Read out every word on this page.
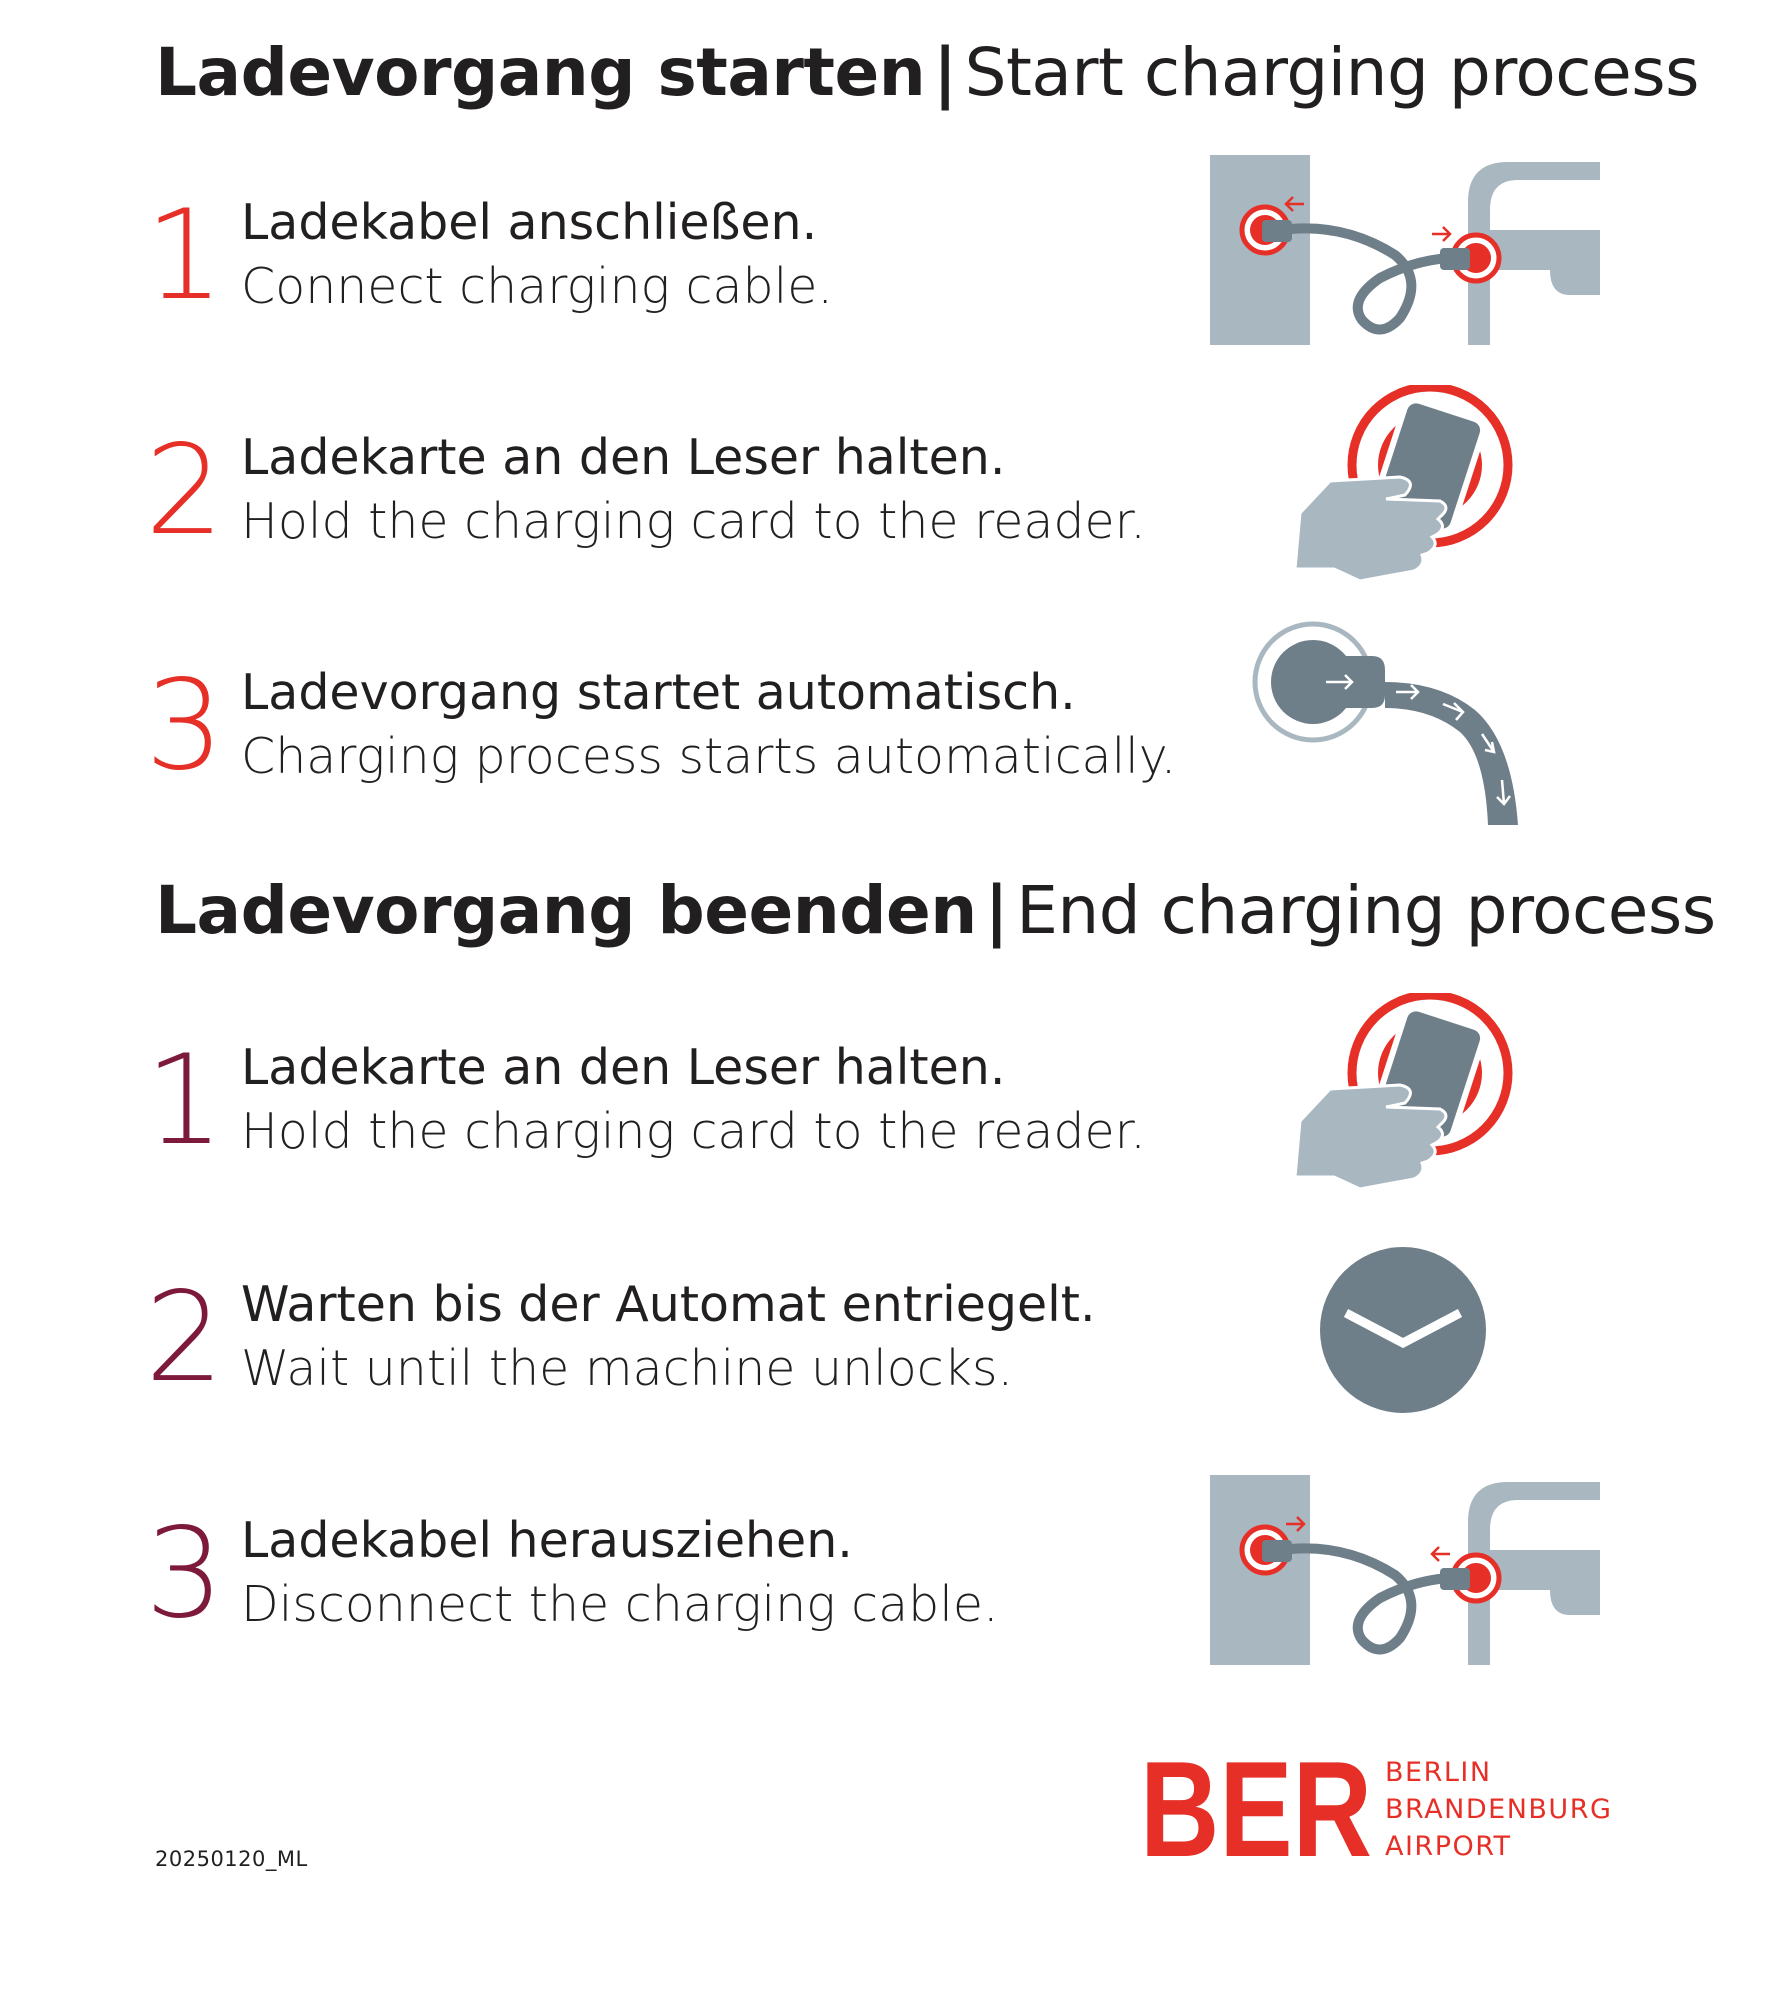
Ladevorgang starten | Start charging process
1 Ladekabel anschließen.
Connect charging cable.
2 Ladekarte an den Leser halten.
Hold the charging card to the reader.
3 Ladevorgang startet automatisch.
Charging process starts automatically.
Ladevorgang beenden | End charging process
1 Ladekarte an den Leser halten.
Hold the charging card to the reader.
2 Warten bis der Automat entriegelt.
Wait until the machine unlocks.
3 Ladekabel herausziehen.
Disconnect the charging cable.
BER BERLIN
BRANDENBURG
AIRPORT
20250120_ML
